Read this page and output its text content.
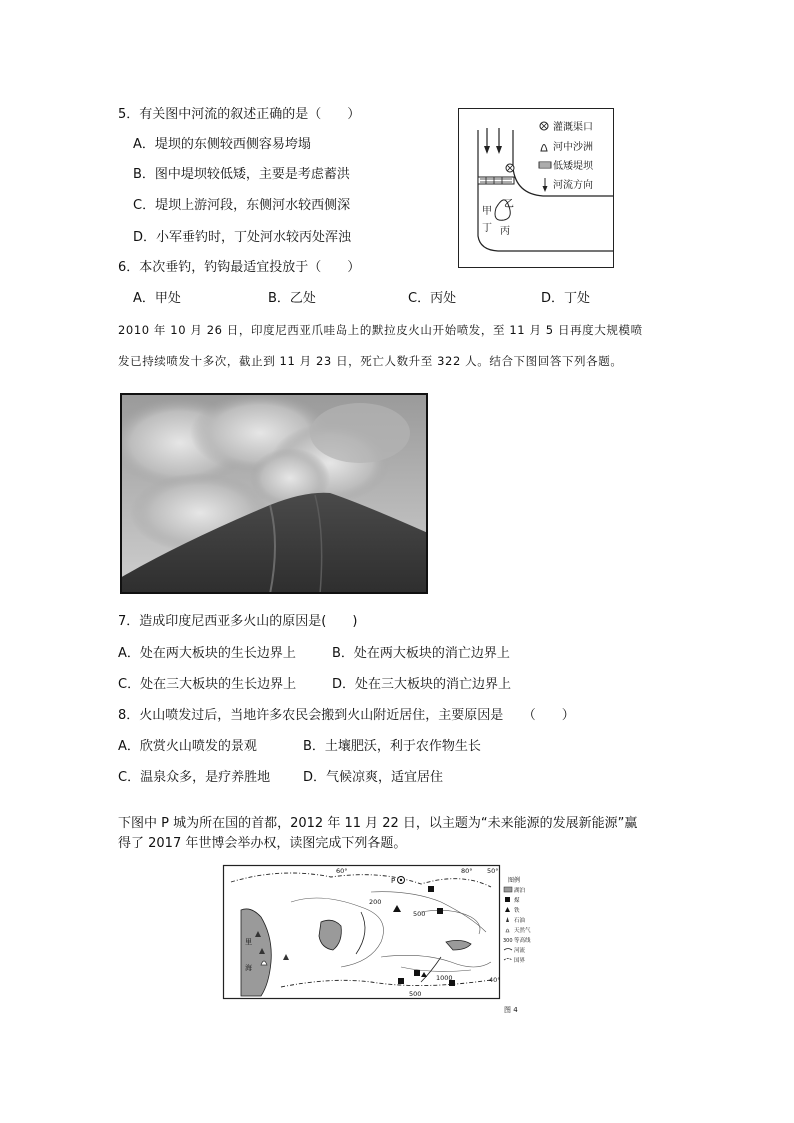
5．有关图中河流的叙述正确的是（　　）
A．堤坝的东侧较西侧容易垮塌
B．图中堤坝较低矮，主要是考虑蓄洪
C．堤坝上游河段，东侧河水较西侧深
D．小军垂钓时，丁处河水较丙处浑浊
甲
乙
丙
丁
灌溉渠口
河中沙洲
低矮堤坝
河流方向
6．本次垂钓，钓钩最适宜投放于（　　）
A．甲处	B．乙处	C．丙处	D．丁处
2010 年 10 月 26 日，印度尼西亚爪哇岛上的默拉皮火山开始喷发，至 11 月 5 日再度大规模喷
发已持续喷发十多次，截止到 11 月 23 日，死亡人数升至 322 人。结合下图回答下列各题。
7．造成印度尼西亚多火山的原因是(　　)
A．处在两大板块的生长边界上	B．处在两大板块的消亡边界上
C．处在三大板块的生长边界上	D．处在三大板块的消亡边界上
8．火山喷发过后，当地许多农民会搬到火山附近居住，主要原因是　　（　　）
A．欣赏火山喷发的景观	B．土壤肥沃，利于农作物生长
C．温泉众多，是疗养胜地	D．气候凉爽，适宜居住
下图中 P 城为所在国的首都，2012 年 11 月 22 日，以主题为“未来能源的发展新能源”赢
得了 2017 年世博会举办权，读图完成下列各题。
里
海
P
200
500
1000
500
60°	80° 50°
40°
图例
湖泊
煤
铁
石油
天然气
300 等高线
河流
国界
图 4
